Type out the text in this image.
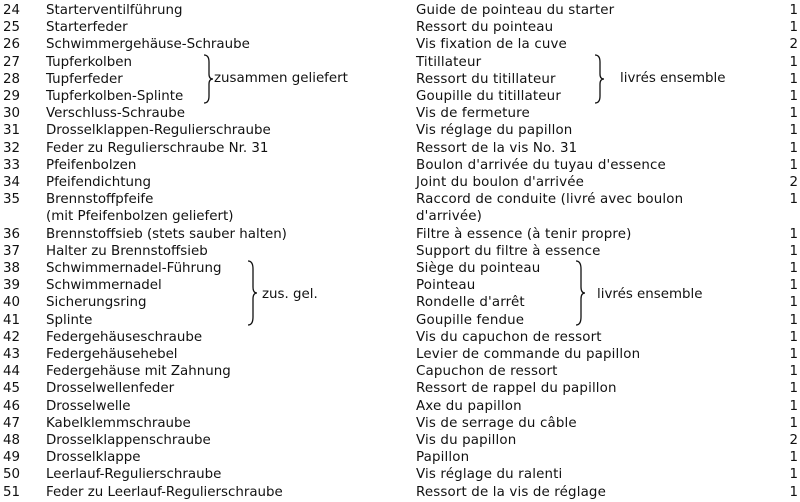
24 Starterventilführung	Guide de pointeau du starter	1
25 Starterfeder	Ressort du pointeau	1
26 Schwimmergehäuse-Schraube	Vis fixation de la cuve	2
27 Tupferkolben	Titillateur	1
28 Tupferfeder	Ressort du titillateur	1
29 Tupferkolben-Splinte	Goupille du titillateur	1
30 Verschluss-Schraube	Vis de fermeture	1
31 Drosselklappen-Regulierschraube	Vis réglage du papillon	1
32 Feder zu Regulierschraube Nr. 31	Ressort de la vis No. 31	1
33 Pfeifenbolzen	Boulon d'arrivée du tuyau d'essence	1
34 Pfeifendichtung	Joint du boulon d'arrivée	2
35 Brennstoffpfeife	Raccord de conduite (livré avec boulon	1
(mit Pfeifenbolzen geliefert)	d'arrivée)
36 Brennstoffsieb (stets sauber halten)	Filtre à essence (à tenir propre)	1
37 Halter zu Brennstoffsieb	Support du filtre à essence	1
38 Schwimmernadel-Führung	Siège du pointeau	1
39 Schwimmernadel	Pointeau	1
40 Sicherungsring	Rondelle d'arrêt	1
41 Splinte	Goupille fendue	1
42 Federgehäuseschraube	Vis du capuchon de ressort	1
43 Federgehäusehebel	Levier de commande du papillon	1
44 Federgehäuse mit Zahnung	Capuchon de ressort	1
45 Drosselwellenfeder	Ressort de rappel du papillon	1
46 Drosselwelle	Axe du papillon	1
47 Kabelklemmschraube	Vis de serrage du câble	1
48 Drosselklappenschraube	Vis du papillon	2
49 Drosselklappe	Papillon	1
50 Leerlauf-Regulierschraube	Vis réglage du ralenti	1
51 Feder zu Leerlauf-Regulierschraube	Ressort de la vis de réglage	1
zusammen geliefert	livrés ensemble
zus. gel.	livrés ensemble
